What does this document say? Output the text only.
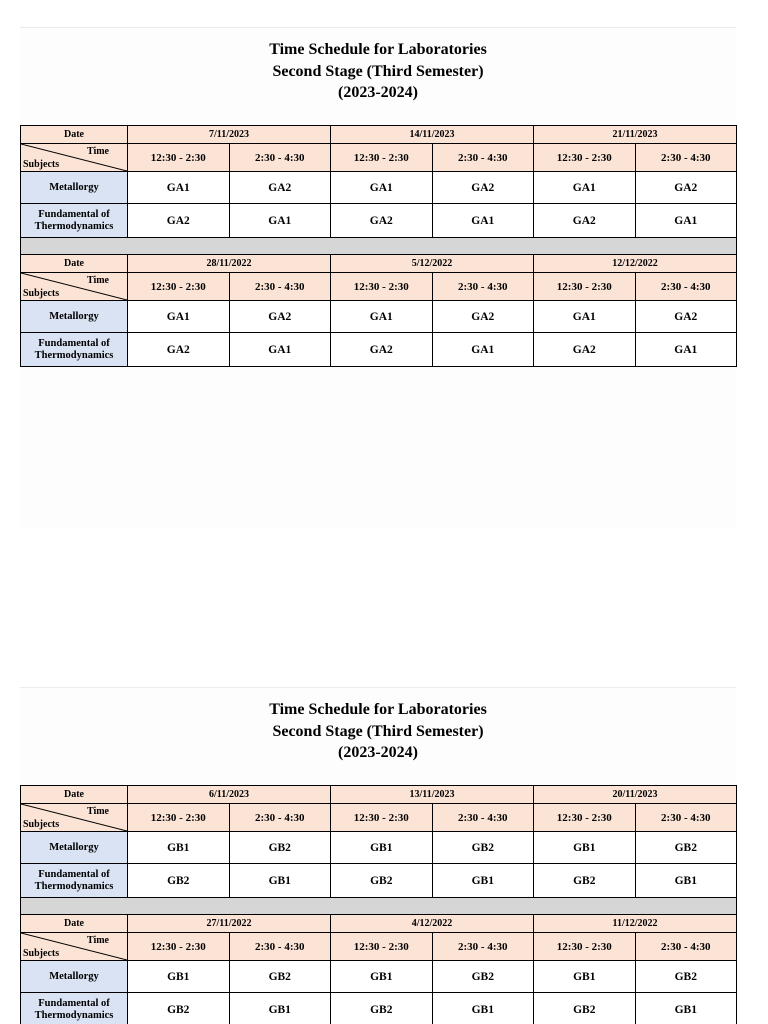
Time Schedule for Laboratories
Second Stage (Third Semester)
(2023-2024)
Date	7/11/2023		14/11/2023		21/11/2023	

Time
Subjects	12:30 - 2:30	2:30 - 4:30	12:30 - 2:30	2:30 - 4:30	12:30 - 2:30	2:30 - 4:30
Metallorgy	GA1	GA2	GA1	GA2	GA1	GA2

Fundamental of
Thermodynamics	GA2	GA1	GA2	GA1	GA2	GA1

Date	28/11/2022		5/12/2022		12/12/2022	

Time
Subjects	12:30 - 2:30	2:30 - 4:30	12:30 - 2:30	2:30 - 4:30	12:30 - 2:30	2:30 - 4:30
Metallorgy	GA1	GA2	GA1	GA2	GA1	GA2

Fundamental of
Thermodynamics	GA2	GA1	GA2	GA1	GA2	GA1
Time Schedule for Laboratories
Second Stage (Third Semester)
(2023-2024)
Date	6/11/2023		13/11/2023		20/11/2023	

Time
Subjects	12:30 - 2:30	2:30 - 4:30	12:30 - 2:30	2:30 - 4:30	12:30 - 2:30	2:30 - 4:30
Metallorgy	GB1	GB2	GB1	GB2	GB1	GB2

Fundamental of
Thermodynamics	GB2	GB1	GB2	GB1	GB2	GB1

Date	27/11/2022		4/12/2022		11/12/2022	

Time
Subjects	12:30 - 2:30	2:30 - 4:30	12:30 - 2:30	2:30 - 4:30	12:30 - 2:30	2:30 - 4:30
Metallorgy	GB1	GB2	GB1	GB2	GB1	GB2

Fundamental of
Thermodynamics	GB2	GB1	GB2	GB1	GB2	GB1
